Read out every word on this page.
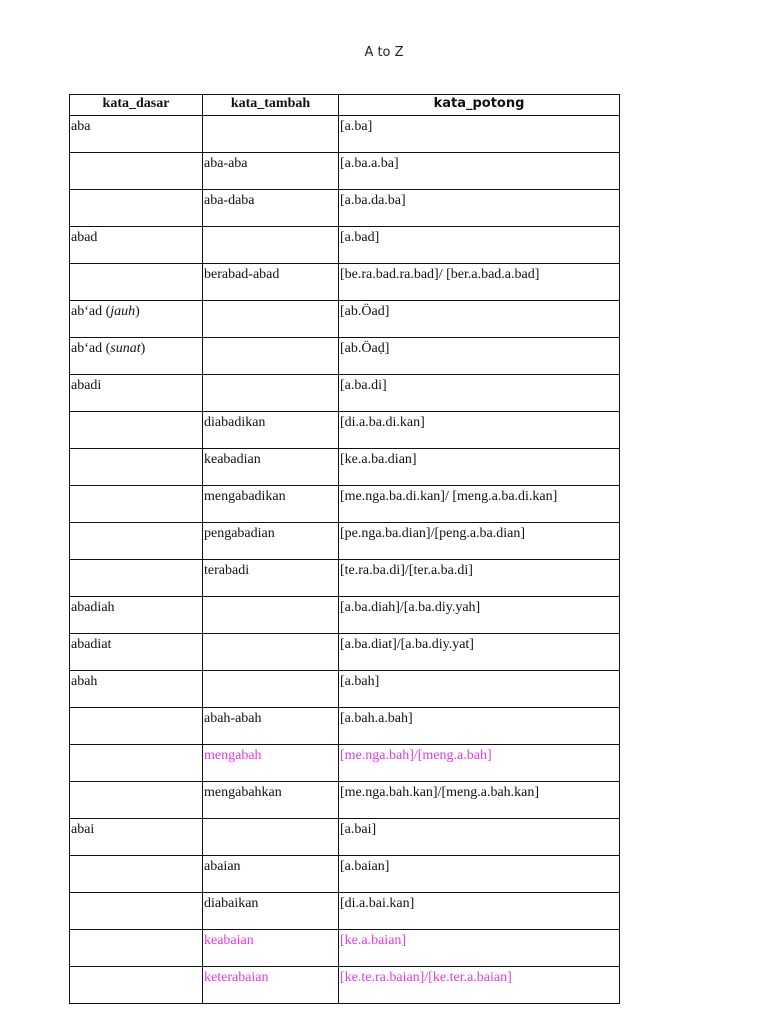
A to Z
kata_dasar	kata_tambah	kata_potong
aba		[a.ba]
	aba-aba	[a.ba.a.ba]
	aba-daba	[a.ba.da.ba]
abad		[a.bad]
	berabad-abad	[be.ra.bad.ra.bad]/ [ber.a.bad.a.bad]
ab‘ad (jauh)		[ab.Öad]
ab‘ad (sunat)		[ab.Öaḍ]
abadi		[a.ba.di]
	diabadikan	[di.a.ba.di.kan]
	keabadian	[ke.a.ba.dian]
	mengabadikan	[me.nga.ba.di.kan]/ [meng.a.ba.di.kan]
	pengabadian	[pe.nga.ba.dian]/[peng.a.ba.dian]
	terabadi	[te.ra.ba.di]/[ter.a.ba.di]
abadiah		[a.ba.diah]/[a.ba.diy.yah]
abadiat		[a.ba.diat]/[a.ba.diy.yat]
abah		[a.bah]
	abah-abah	[a.bah.a.bah]
	mengabah	[me.nga.bah]/[meng.a.bah]
	mengabahkan	[me.nga.bah.kan]/[meng.a.bah.kan]
abai		[a.bai]
	abaian	[a.baian]
	diabaikan	[di.a.bai.kan]
	keabaian	[ke.a.baian]
	keterabaian	[ke.te.ra.baian]/[ke.ter.a.baian]
